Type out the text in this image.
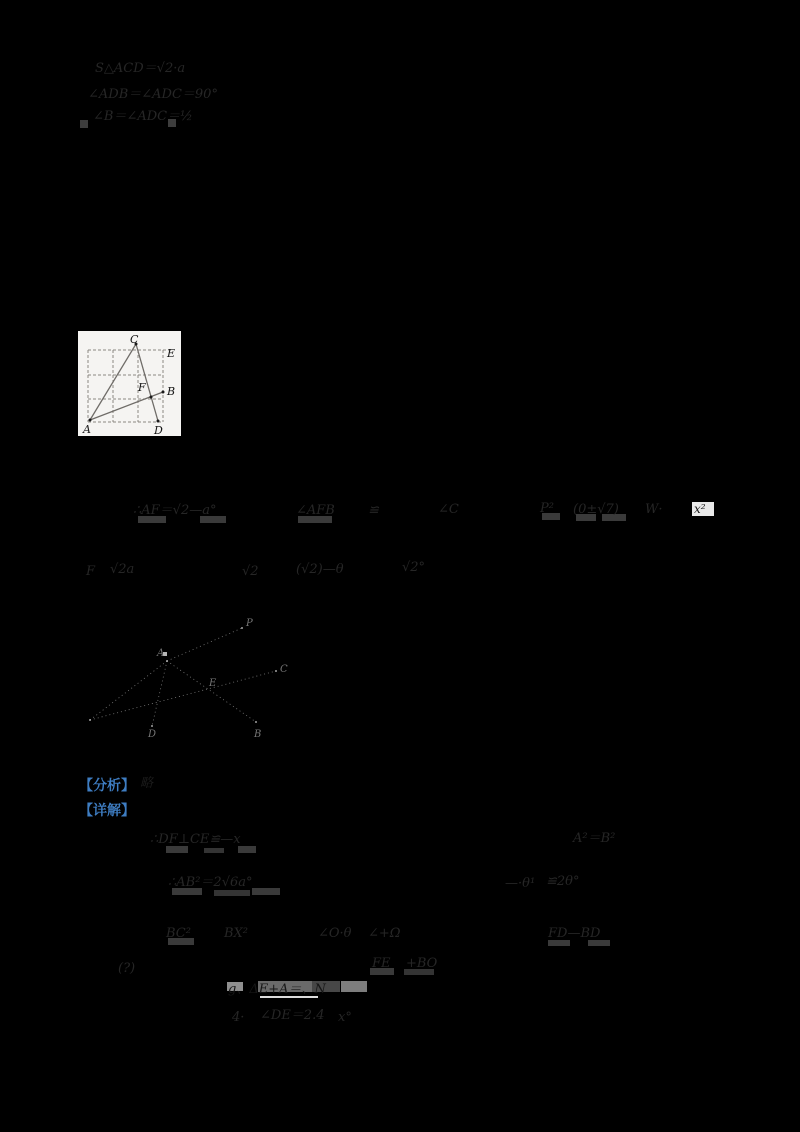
S△ACD＝√2·a
∠ADB＝∠ADC＝90°
∠B＝∠ADC＝½
∴AF＝√2—a°	∠AFB	≌	∠C	P² (0±√7) W·	x²
F √2a	√2	(√2)—θ	√2°
略
∴DF⊥CE≌—x	A²＝B²
∴AB²＝2√6a°	—·θ¹ ≌2θ°
BC²	BX²	∠O·θ ∠+Ω	FD—BD
FE +BO
(?)
g、ΔE+A＝、N
4· ∠DE＝2.4 x°
C
E
A	D
B
F
P
A
E
C
D	B
【分析】
【详解】
